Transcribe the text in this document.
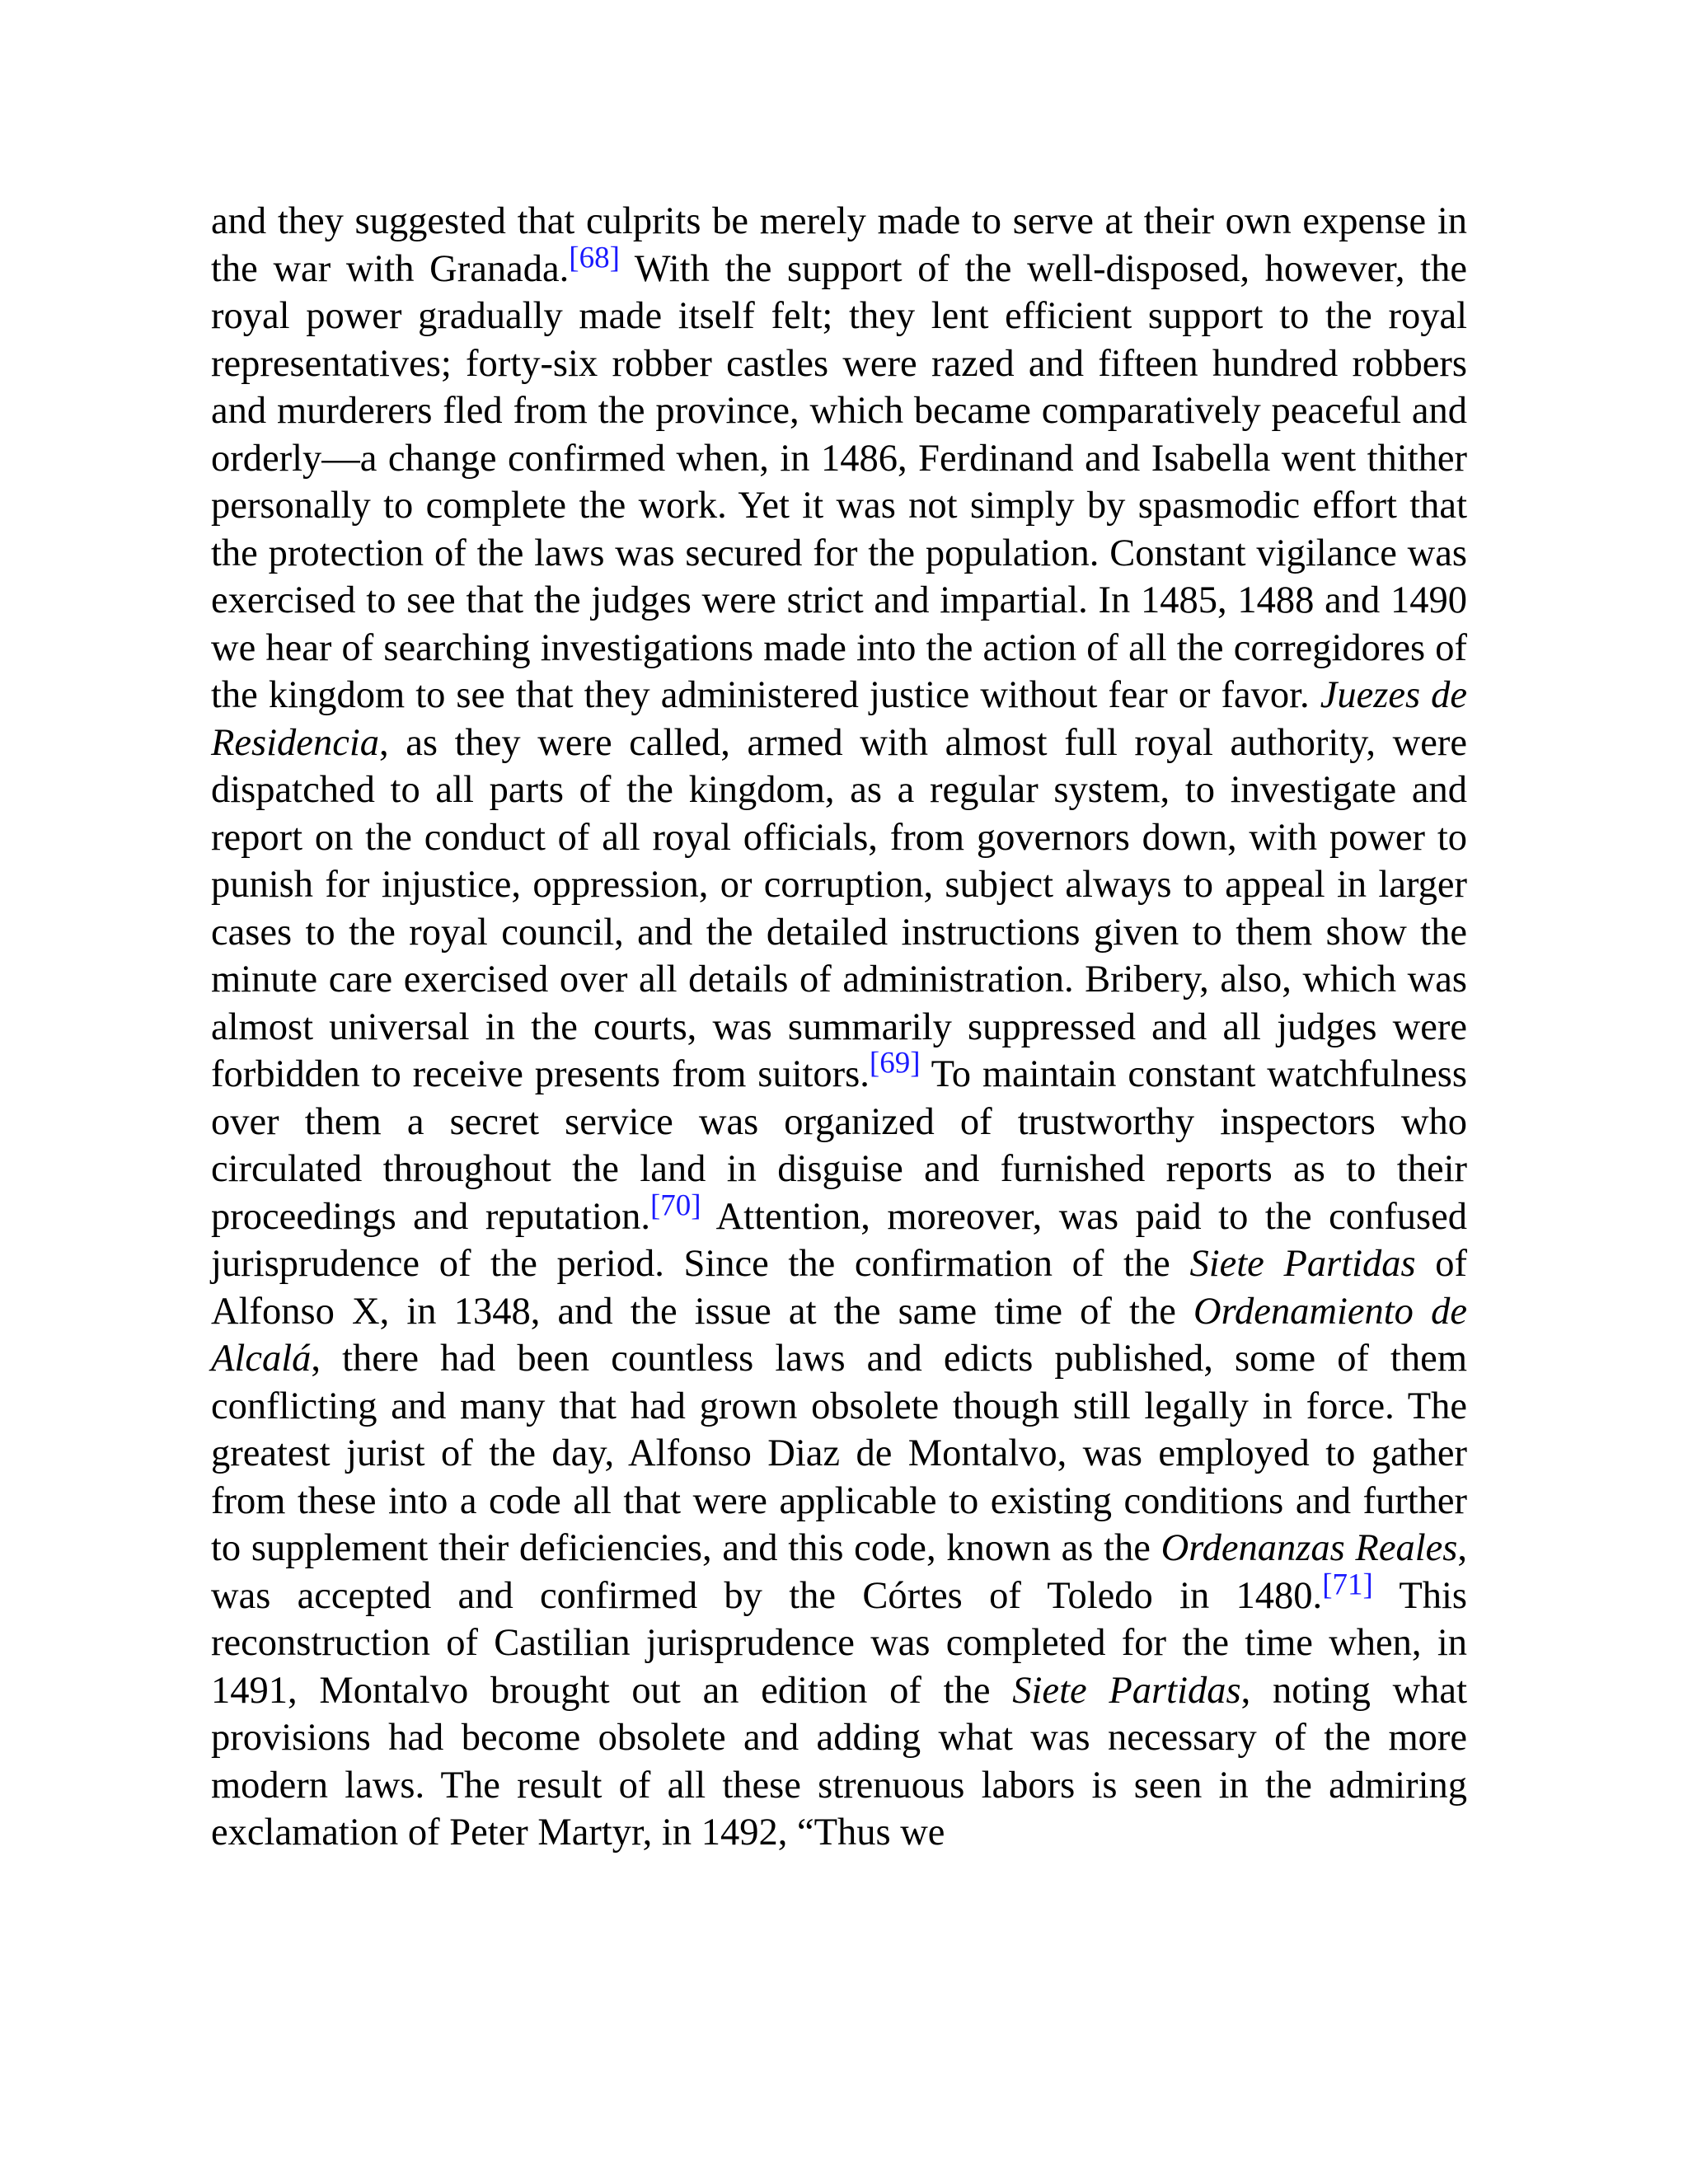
and they suggested that culprits be merely made to serve at their own expense in the war with Granada.[68] With the support of the well-disposed, however, the royal power gradually made itself felt; they lent efficient support to the royal representatives; forty-six robber castles were razed and fifteen hundred robbers and murderers fled from the province, which became comparatively peaceful and orderly—a change confirmed when, in 1486, Ferdinand and Isabella went thither personally to complete the work. Yet it was not simply by spasmodic effort that the protection of the laws was secured for the population. Constant vigilance was exercised to see that the judges were strict and impartial. In 1485, 1488 and 1490 we hear of searching investigations made into the action of all the corregidores of the kingdom to see that they administered justice without fear or favor. Juezes de Residencia, as they were called, armed with almost full royal authority, were dispatched to all parts of the kingdom, as a regular system, to investigate and report on the conduct of all royal officials, from governors down, with power to punish for injustice, oppression, or corruption, subject always to appeal in larger cases to the royal council, and the detailed instructions given to them show the minute care exercised over all details of administration. Bribery, also, which was almost universal in the courts, was summarily suppressed and all judges were forbidden to receive presents from suitors.[69] To maintain constant watchfulness over them a secret service was organized of trustworthy inspectors who circulated throughout the land in disguise and furnished reports as to their proceedings and reputation.[70] Attention, moreover, was paid to the confused jurisprudence of the period. Since the confirmation of the Siete Partidas of Alfonso X, in 1348, and the issue at the same time of the Ordenamiento de Alcalá, there had been countless laws and edicts published, some of them conflicting and many that had grown obsolete though still legally in force. The greatest jurist of the day, Alfonso Diaz de Montalvo, was employed to gather from these into a code all that were applicable to existing conditions and further to supplement their deficiencies, and this code, known as the Ordenanzas Reales, was accepted and confirmed by the Córtes of Toledo in 1480.[71] This reconstruction of Castilian jurisprudence was completed for the time when, in 1491, Montalvo brought out an edition of the Siete Partidas, noting what provisions had become obsolete and adding what was necessary of the more modern laws. The result of all these strenuous labors is seen in the admiring exclamation of Peter Martyr, in 1492, “Thus we
